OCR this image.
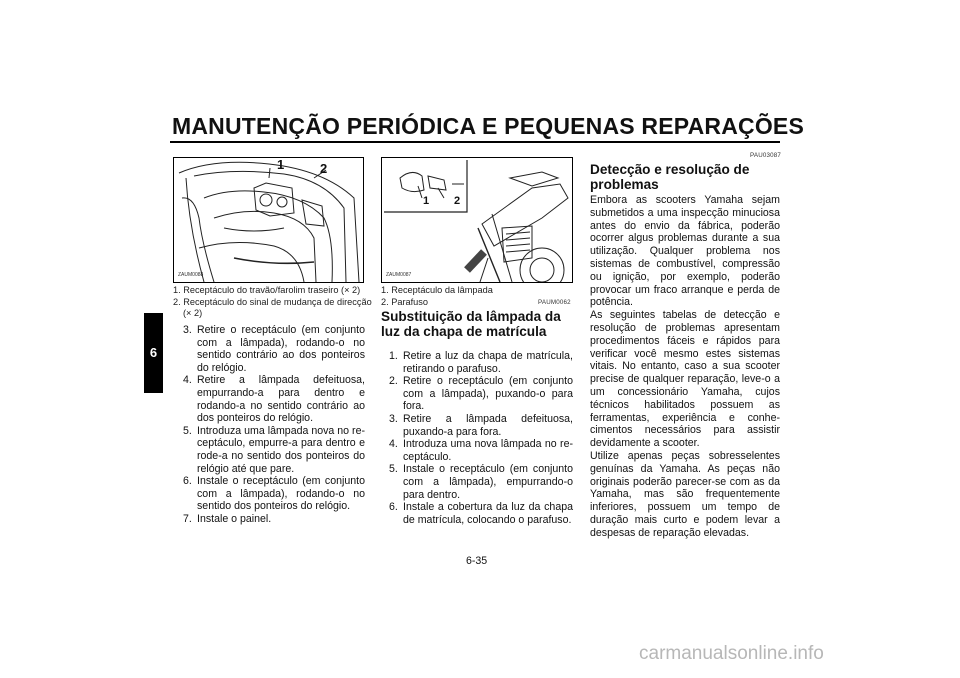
MANUTENÇÃO PERIÓDICA E PEQUENAS REPARAÇÕES
6
1	2
ZAUM0088

1. Receptáculo do travão/farolim traseiro (× 2)

2. Receptáculo do sinal de mudança de direcção

(× 2)

1 2
ZAUM0087

1. Receptáculo da lâmpada

2. Parafuso

3. Retire o receptáculo (em conjunto com a lâmpada), rodando-o no sentido contrário ao dos ponteiros do relógio.
4. Retire a lâmpada defeituosa, empurrando-a para dentro e rodando-a no sentido contrário ao dos ponteiros do relógio.
5. Introduza uma lâmpada nova no receptáculo, empurre-a para dentro e rode-a no sentido dos ponteiros do relógio até que pare.
6. Instale o receptáculo (em conjunto com a lâmpada), rodando-o no sentido dos ponteiros do relógio.
7. Instale o painel.
PAUM0062
Substituição da lâmpada da luz da chapa de matrícula
1. Retire a luz da chapa de matrícula, retirando o parafuso.
2. Retire o receptáculo (em conjunto com a lâmpada), puxando-o para fora.
3. Retire a lâmpada defeituosa, puxando-a para fora.
4. Introduza uma nova lâmpada no receptáculo.
5. Instale o receptáculo (em conjunto com a lâmpada), empurrando-o para dentro.
6. Instale a cobertura da luz da chapa de matrícula, colocando o parafuso.
PAU03087
Detecção e resolução de problemas

Embora as scooters Yamaha sejam submetidos a uma inspecção minuciosa antes do envio da fábrica, poderão ocorrer algus problemas durante a sua utilização. Qualquer problema nos sistemas de combustível, compressão ou ignição, por exemplo, poderão provocar um fraco arranque e perda de potência.

As seguintes tabelas de detecção e resolução de problemas apresentam procedimentos fáceis e rápidos para verificar você mesmo estes sistemas vitais. No entanto, caso a sua scooter precise de qualquer reparação, leve-o a um concessionário Yamaha, cujos técnicos habilitados possuem as ferramentas, experiência e conhecimentos necessários para assistir devidamente a scooter.

Utilize apenas peças sobresselentes genuínas da Yamaha. As peças não originais poderão parecer-se com as da Yamaha, mas são frequentemente inferiores, possuem um tempo de duração mais curto e podem levar a despesas de reparação elevadas.

6-35
carmanualsonline.info
